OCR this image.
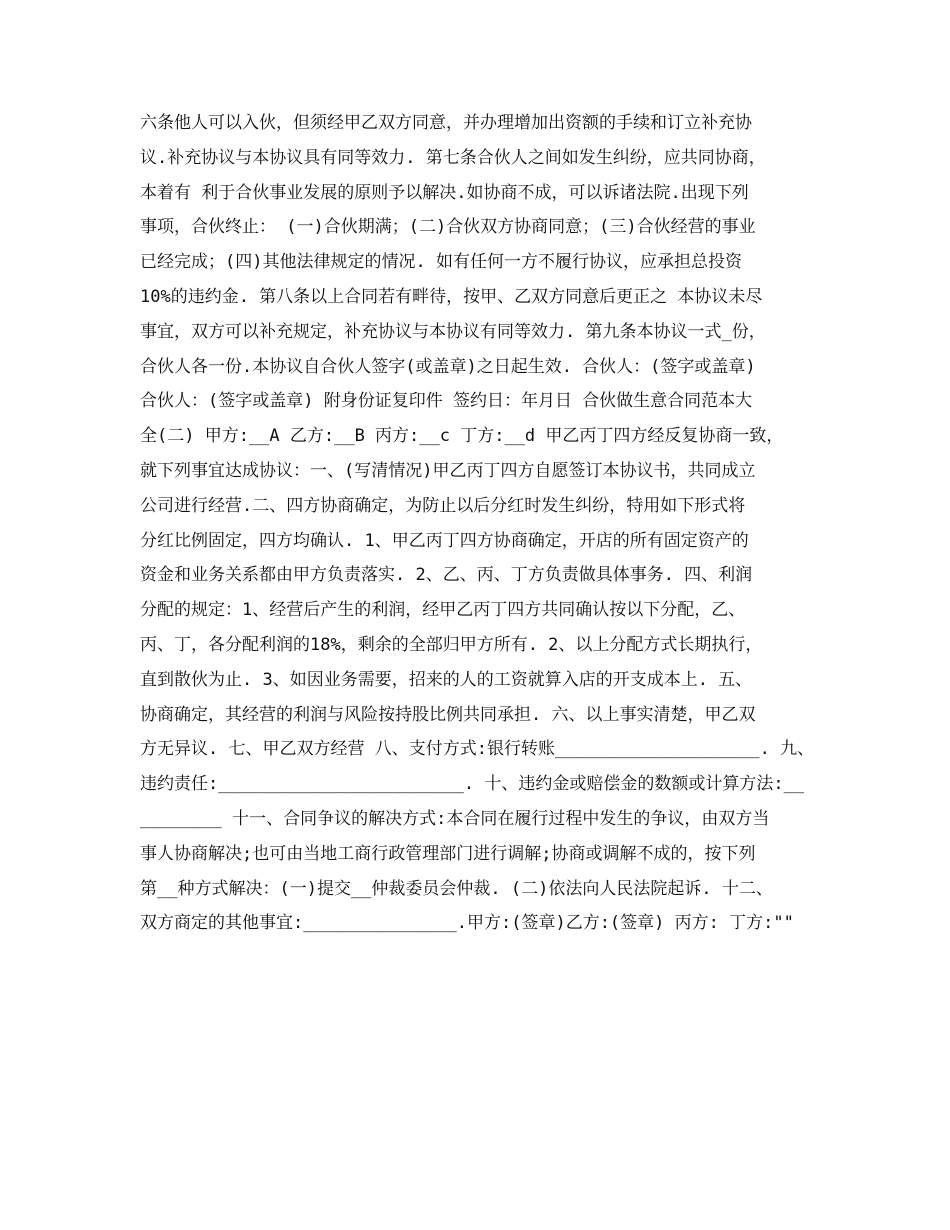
六条他人可以入伙，但须经甲乙双方同意，并办理增加出资额的手续和订立补充协
议.补充协议与本协议具有同等效力. 第七条合伙人之间如发生纠纷，应共同协商，
本着有 利于合伙事业发展的原则予以解决.如协商不成，可以诉诸法院.出现下列
事项，合伙终止： (一)合伙期满；(二)合伙双方协商同意；(三)合伙经营的事业
已经完成；(四)其他法律规定的情况. 如有任何一方不履行协议，应承担总投资
10%的违约金. 第八条以上合同若有畔待，按甲、乙双方同意后更正之 本协议未尽
事宜，双方可以补充规定，补充协议与本协议有同等效力. 第九条本协议一式_份，
合伙人各一份.本协议自合伙人签字(或盖章)之日起生效. 合伙人：(签字或盖章)
合伙人：(签字或盖章) 附身份证复印件 签约日：年月日 合伙做生意合同范本大
全(二) 甲方:__A 乙方:__B 丙方:__c 丁方:__d 甲乙丙丁四方经反复协商一致，
就下列事宜达成协议：一、(写清情况)甲乙丙丁四方自愿签订本协议书，共同成立
公司进行经营.二、四方协商确定，为防止以后分红时发生纠纷，特用如下形式将
分红比例固定，四方均确认. 1、甲乙丙丁四方协商确定，开店的所有固定资产的
资金和业务关系都由甲方负责落实. 2、乙、丙、丁方负责做具体事务. 四、利润
分配的规定：1、经营后产生的利润，经甲乙丙丁四方共同确认按以下分配，乙、
丙、丁，各分配利润的18%，剩余的全部归甲方所有. 2、以上分配方式长期执行，
直到散伙为止. 3、如因业务需要，招来的人的工资就算入店的开支成本上. 五、
协商确定，其经营的利润与风险按持股比例共同承担. 六、以上事实清楚，甲乙双
方无异议. 七、甲乙双方经营 八、支付方式:银行转账____________________. 九、
违约责任:________________________. 十、违约金或赔偿金的数额或计算方法:__
________ 十一、合同争议的解决方式:本合同在履行过程中发生的争议，由双方当
事人协商解决;也可由当地工商行政管理部门进行调解;协商或调解不成的，按下列
第__种方式解决：(一)提交__仲裁委员会仲裁. (二)依法向人民法院起诉. 十二、
双方商定的其他事宜:_______________.甲方:(签章)乙方:(签章) 丙方: 丁方:""
